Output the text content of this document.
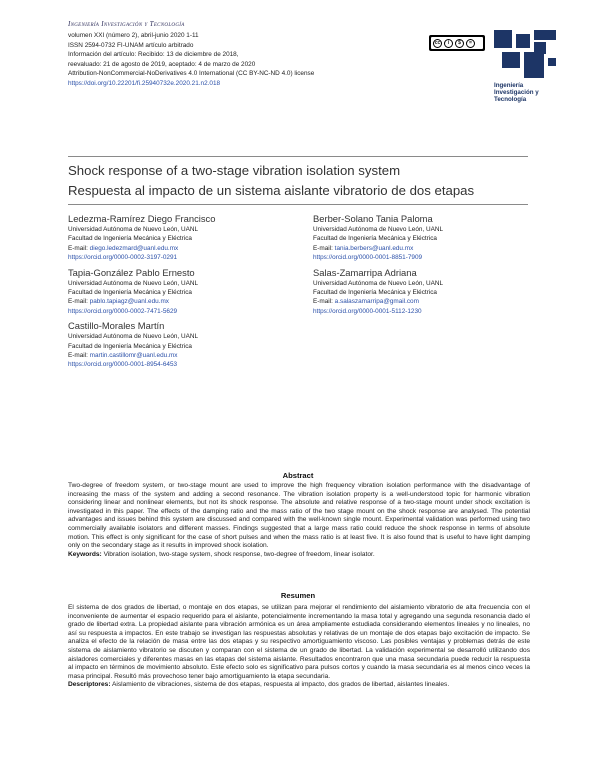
Ingeniería Investigación y Tecnología
volumen XXI (número 2), abril-junio 2020 1-11
ISSN 2594-0732 FI-UNAM artículo arbitrado
Información del artículo: Recibido: 13 de diciembre de 2018,
reevaluado: 21 de agosto de 2019, aceptado: 4 de marzo de 2020
Attribution-NonCommercial-NoDerivatives 4.0 International (CC BY-NC-ND 4.0) license
https://doi.org/10.22201/fi.25940732e.2020.21.n2.018
cc	i	$	=
Ingeniería
Investigación y
Tecnología
Shock response of a two-stage vibration isolation system
Respuesta al impacto de un sistema aislante vibratorio de dos etapas
Ledezma-Ramírez Diego Francisco
Universidad Autónoma de Nuevo León, UANL
Facultad de Ingeniería Mecánica y Eléctrica
E-mail: diego.ledezmard@uanl.edu.mx
https://orcid.org/0000-0002-3197-0291
Tapia-González Pablo Ernesto
Universidad Autónoma de Nuevo León, UANL
Facultad de Ingeniería Mecánica y Eléctrica
E-mail: pablo.tapiagz@uanl.edu.mx
https://orcid.org/0000-0002-7471-5629
Castillo-Morales Martín
Universidad Autónoma de Nuevo León, UANL
Facultad de Ingeniería Mecánica y Eléctrica
E-mail: martin.castillomr@uanl.edu.mx
https://orcid.org/0000-0001-8954-6453
Berber-Solano Tania Paloma
Universidad Autónoma de Nuevo León, UANL
Facultad de Ingeniería Mecánica y Eléctrica
E-mail: tania.berbers@uanl.edu.mx
https://orcid.org/0000-0001-8851-7909
Salas-Zamarripa Adriana
Universidad Autónoma de Nuevo León, UANL
Facultad de Ingeniería Mecánica y Eléctrica
E-mail: a.salaszamarripa@gmail.com
https://orcid.org/0000-0001-5112-1230
Abstract
Two-degree of freedom system, or two-stage mount are used to improve the high frequency vibration isolation performance with the disadvantage of increasing the mass of the system and adding a second resonance. The vibration isolation property is a well-understood topic for harmonic vibration considering linear and nonlinear elements, but not its shock response. The absolute and relative response of a two-stage mount under shock excitation is investigated in this paper. The effects of the damping ratio and the mass ratio of the two stage mount on the shock response are analysed. The potential advantages and issues behind this system are discussed and compared with the well-known single mount. Experimental validation was performed using two commercially available isolators and different masses. Findings suggested that a large mass ratio could reduce the shock response in terms of absolute motion. This effect is only significant for the case of short pulses and when the mass ratio is at least five. It is also found that is useful to have light damping only on the secondary stage as it results in improved shock isolation.
Keywords: Vibration isolation, two-stage system, shock response, two-degree of freedom, linear isolator.
Resumen
El sistema de dos grados de libertad, o montaje en dos etapas, se utilizan para mejorar el rendimiento del aislamiento vibratorio de alta frecuencia con el inconveniente de aumentar el espacio requerido para el aislante, potencialmente incrementando la masa total y agregando una segunda resonancia dado el grado de libertad extra. La propiedad aislante para vibración armónica es un área ampliamente estudiada considerando elementos lineales y no lineales, no así su respuesta a impactos. En este trabajo se investigan las respuestas absolutas y relativas de un montaje de dos etapas bajo excitación de impacto. Se analiza el efecto de la relación de masa entre las dos etapas y su respectivo amortiguamiento viscoso. Las posibles ventajas y problemas detrás de este sistema de aislamiento vibratorio se discuten y comparan con el sistema de un grado de libertad. La validación experimental se desarrolló utilizando dos aisladores comerciales y diferentes masas en las etapas del sistema aislante. Resultados encontraron que una masa secundaria puede reducir la respuesta al impacto en términos de movimiento absoluto. Este efecto solo es significativo para pulsos cortos y cuando la masa secundaria es al menos cinco veces la masa principal. Resultó más provechoso tener bajo amortiguamiento la etapa secundaria.
Descriptores: Aislamiento de vibraciones, sistema de dos etapas, respuesta al impacto, dos grados de libertad, aislantes lineales.
